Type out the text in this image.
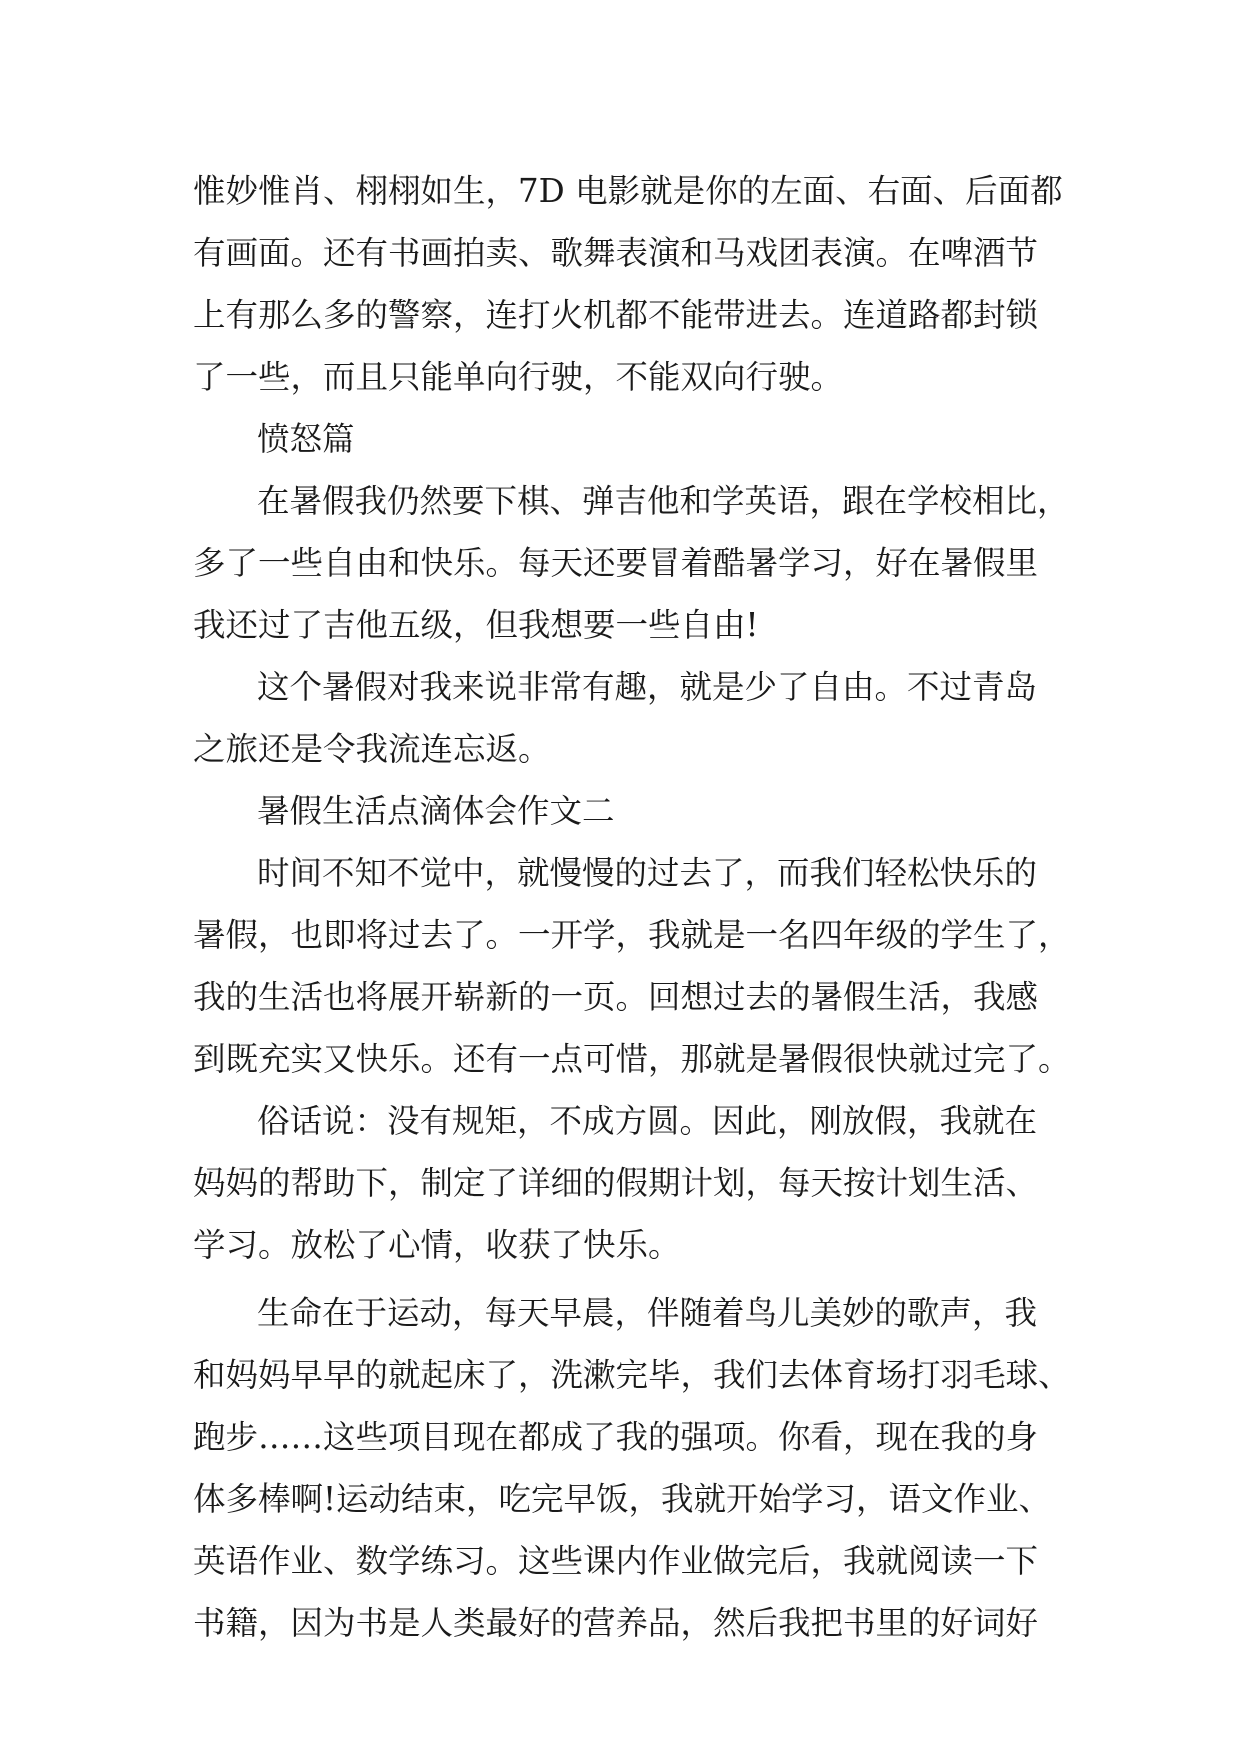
惟妙惟肖、栩栩如生，7D 电影就是你的左面、右面、后面都
有画面。还有书画拍卖、歌舞表演和马戏团表演。在啤酒节
上有那么多的警察，连打火机都不能带进去。连道路都封锁
了一些，而且只能单向行驶，不能双向行驶。
愤怒篇
在暑假我仍然要下棋、弹吉他和学英语，跟在学校相比，
多了一些自由和快乐。每天还要冒着酷暑学习，好在暑假里
我还过了吉他五级，但我想要一些自由!
这个暑假对我来说非常有趣，就是少了自由。不过青岛
之旅还是令我流连忘返。
暑假生活点滴体会作文二
时间不知不觉中，就慢慢的过去了，而我们轻松快乐的
暑假，也即将过去了。一开学，我就是一名四年级的学生了，
我的生活也将展开崭新的一页。回想过去的暑假生活，我感
到既充实又快乐。还有一点可惜，那就是暑假很快就过完了。
俗话说：没有规矩，不成方圆。因此，刚放假，我就在
妈妈的帮助下，制定了详细的假期计划，每天按计划生活、
学习。放松了心情，收获了快乐。
生命在于运动，每天早晨，伴随着鸟儿美妙的歌声，我
和妈妈早早的就起床了，洗漱完毕，我们去体育场打羽毛球、
跑步……这些项目现在都成了我的强项。你看，现在我的身
体多棒啊!运动结束，吃完早饭，我就开始学习，语文作业、
英语作业、数学练习。这些课内作业做完后，我就阅读一下
书籍，因为书是人类最好的营养品，然后我把书里的好词好
